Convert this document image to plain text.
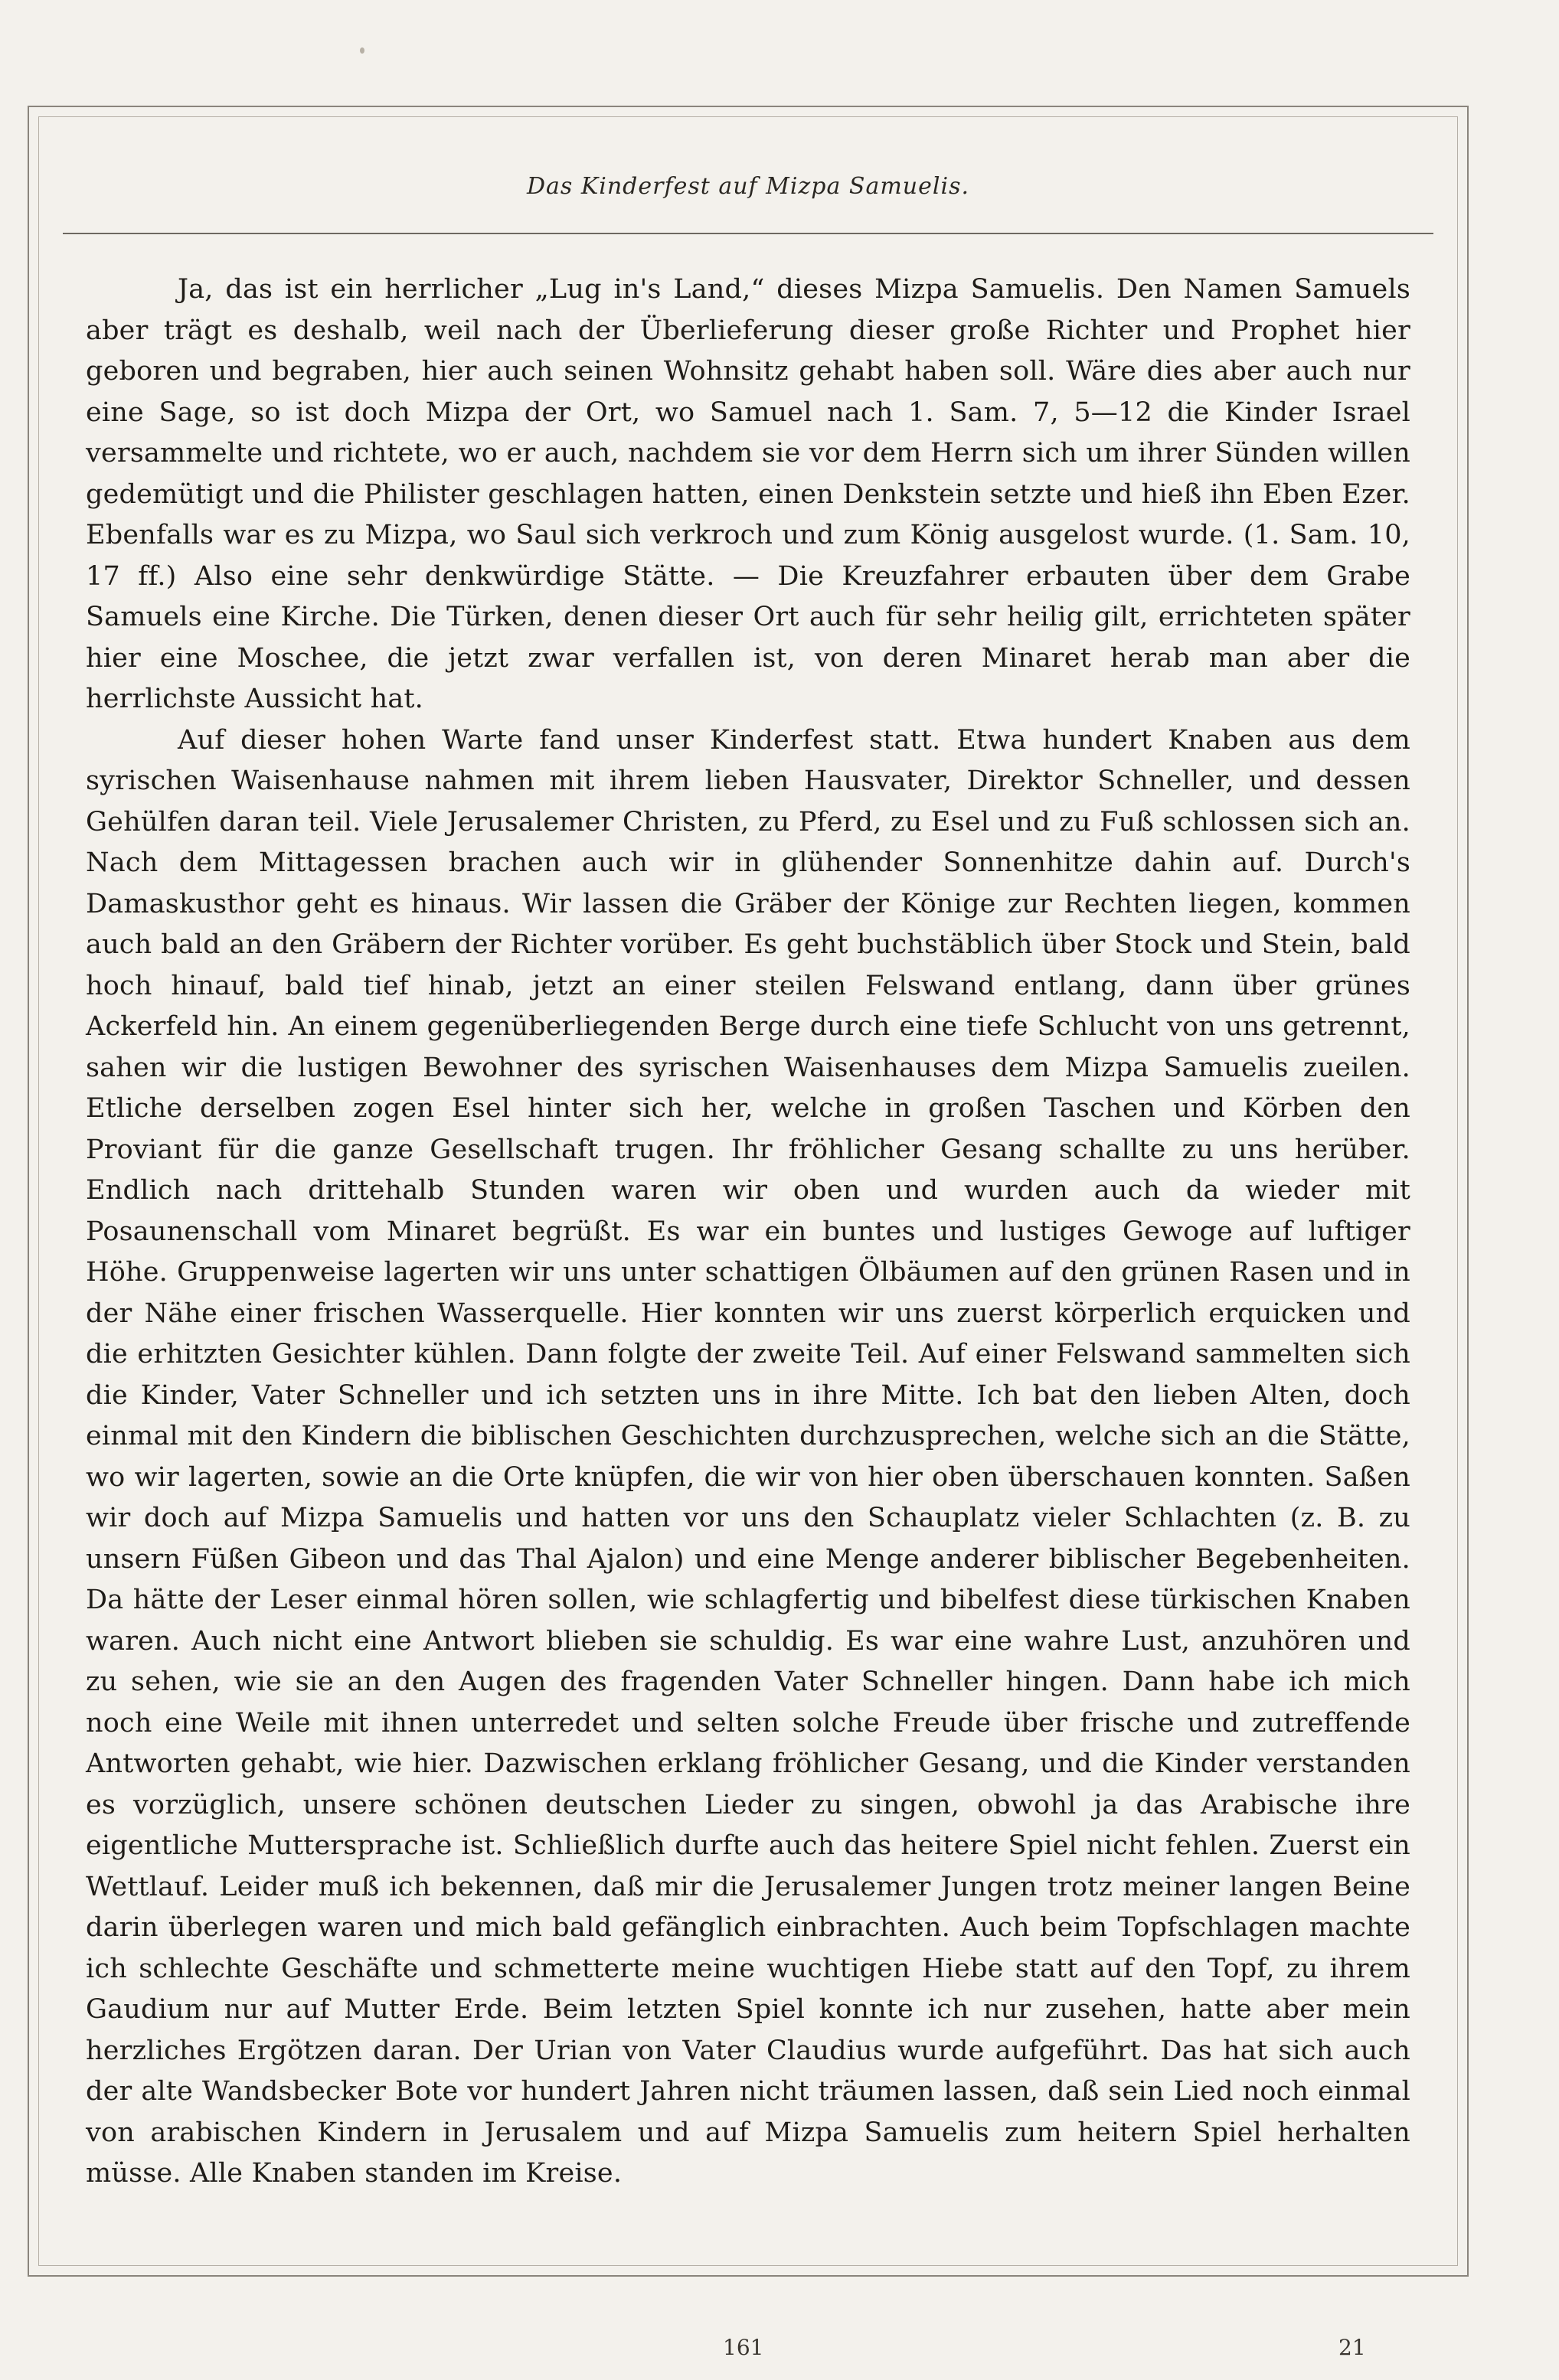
Das Kinderfest auf Mizpa Samuelis.

Ja, das ist ein herrlicher „Lug in's Land,“ dieses Mizpa Samuelis. Den Namen Samuels aber trägt es deshalb, weil nach der Überlieferung dieser große Richter und Prophet hier geboren und begraben, hier auch seinen Wohnsitz gehabt haben soll. Wäre dies aber auch nur eine Sage, so ist doch Mizpa der Ort, wo Samuel nach 1. Sam. 7, 5—12 die Kinder Israel versammelte und richtete, wo er auch, nachdem sie vor dem Herrn sich um ihrer Sünden willen gedemütigt und die Philister geschlagen hatten, einen Denkstein setzte und hieß ihn Eben Ezer. Ebenfalls war es zu Mizpa, wo Saul sich verkroch und zum König ausgelost wurde. (1. Sam. 10, 17 ff.) Also eine sehr denkwürdige Stätte. — Die Kreuzfahrer erbauten über dem Grabe Samuels eine Kirche. Die Türken, denen dieser Ort auch für sehr heilig gilt, errichteten später hier eine Moschee, die jetzt zwar verfallen ist, von deren Minaret herab man aber die herrlichste Aussicht hat.

Auf dieser hohen Warte fand unser Kinderfest statt. Etwa hundert Knaben aus dem syrischen Waisenhause nahmen mit ihrem lieben Hausvater, Direktor Schneller, und dessen Gehülfen daran teil. Viele Jerusalemer Christen, zu Pferd, zu Esel und zu Fuß schlossen sich an. Nach dem Mittagessen brachen auch wir in glühender Sonnenhitze dahin auf. Durch's Damaskusthor geht es hinaus. Wir lassen die Gräber der Könige zur Rechten liegen, kommen auch bald an den Gräbern der Richter vorüber. Es geht buchstäblich über Stock und Stein, bald hoch hinauf, bald tief hinab, jetzt an einer steilen Felswand entlang, dann über grünes Ackerfeld hin. An einem gegenüberliegenden Berge durch eine tiefe Schlucht von uns getrennt, sahen wir die lustigen Bewohner des syrischen Waisenhauses dem Mizpa Samuelis zueilen. Etliche derselben zogen Esel hinter sich her, welche in großen Taschen und Körben den Proviant für die ganze Gesellschaft trugen. Ihr fröhlicher Gesang schallte zu uns herüber. Endlich nach drittehalb Stunden waren wir oben und wurden auch da wieder mit Posaunenschall vom Minaret begrüßt. Es war ein buntes und lustiges Gewoge auf luftiger Höhe. Gruppenweise lagerten wir uns unter schattigen Ölbäumen auf den grünen Rasen und in der Nähe einer frischen Wasserquelle. Hier konnten wir uns zuerst körperlich erquicken und die erhitzten Gesichter kühlen. Dann folgte der zweite Teil. Auf einer Felswand sammelten sich die Kinder, Vater Schneller und ich setzten uns in ihre Mitte. Ich bat den lieben Alten, doch einmal mit den Kindern die biblischen Geschichten durchzusprechen, welche sich an die Stätte, wo wir lagerten, sowie an die Orte knüpfen, die wir von hier oben überschauen konnten. Saßen wir doch auf Mizpa Samuelis und hatten vor uns den Schauplatz vieler Schlachten (z. B. zu unsern Füßen Gibeon und das Thal Ajalon) und eine Menge anderer biblischer Begebenheiten. Da hätte der Leser einmal hören sollen, wie schlagfertig und bibelfest diese türkischen Knaben waren. Auch nicht eine Antwort blieben sie schuldig. Es war eine wahre Lust, anzuhören und zu sehen, wie sie an den Augen des fragenden Vater Schneller hingen. Dann habe ich mich noch eine Weile mit ihnen unterredet und selten solche Freude über frische und zutreffende Antworten gehabt, wie hier. Dazwischen erklang fröhlicher Gesang, und die Kinder verstanden es vorzüglich, unsere schönen deutschen Lieder zu singen, obwohl ja das Arabische ihre eigentliche Muttersprache ist. Schließlich durfte auch das heitere Spiel nicht fehlen. Zuerst ein Wettlauf. Leider muß ich bekennen, daß mir die Jerusalemer Jungen trotz meiner langen Beine darin überlegen waren und mich bald gefänglich einbrachten. Auch beim Topfschlagen machte ich schlechte Geschäfte und schmetterte meine wuchtigen Hiebe statt auf den Topf, zu ihrem Gaudium nur auf Mutter Erde. Beim letzten Spiel konnte ich nur zusehen, hatte aber mein herzliches Ergötzen daran. Der Urian von Vater Claudius wurde aufgeführt. Das hat sich auch der alte Wandsbecker Bote vor hundert Jahren nicht träumen lassen, daß sein Lied noch einmal von arabischen Kindern in Jerusalem und auf Mizpa Samuelis zum heitern Spiel herhalten müsse. Alle Knaben standen im Kreise.

161	21
